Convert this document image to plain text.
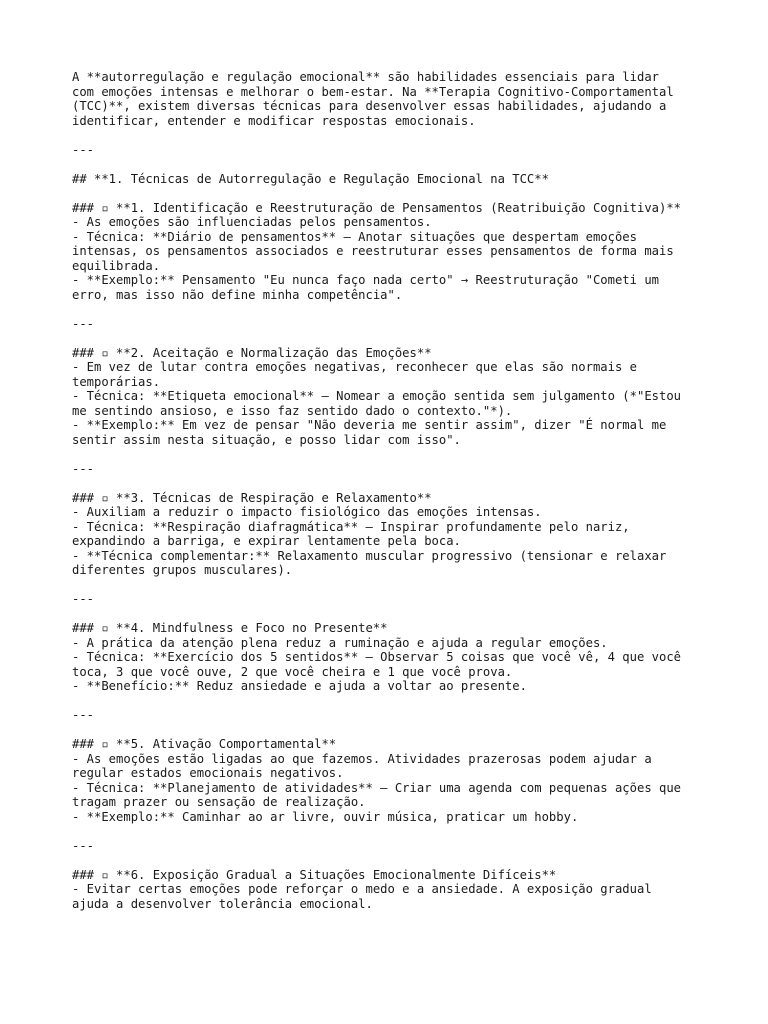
A **autorregulação e regulação emocional** são habilidades essenciais para lidar
com emoções intensas e melhorar o bem-estar. Na **Terapia Cognitivo-Comportamental
(TCC)**, existem diversas técnicas para desenvolver essas habilidades, ajudando a
identificar, entender e modificar respostas emocionais.
---
## **1. Técnicas de Autorregulação e Regulação Emocional na TCC**
### ▫ **1. Identificação e Reestruturação de Pensamentos (Reatribuição Cognitiva)**
- As emoções são influenciadas pelos pensamentos.
- Técnica: **Diário de pensamentos** – Anotar situações que despertam emoções
intensas, os pensamentos associados e reestruturar esses pensamentos de forma mais
equilibrada.
- **Exemplo:** Pensamento "Eu nunca faço nada certo" → Reestruturação "Cometi um
erro, mas isso não define minha competência".
---
### ▫ **2. Aceitação e Normalização das Emoções**
- Em vez de lutar contra emoções negativas, reconhecer que elas são normais e
temporárias.
- Técnica: **Etiqueta emocional** – Nomear a emoção sentida sem julgamento (*"Estou
me sentindo ansioso, e isso faz sentido dado o contexto."*).
- **Exemplo:** Em vez de pensar "Não deveria me sentir assim", dizer "É normal me
sentir assim nesta situação, e posso lidar com isso".
---
### ▫ **3. Técnicas de Respiração e Relaxamento**
- Auxiliam a reduzir o impacto fisiológico das emoções intensas.
- Técnica: **Respiração diafragmática** – Inspirar profundamente pelo nariz,
expandindo a barriga, e expirar lentamente pela boca.
- **Técnica complementar:** Relaxamento muscular progressivo (tensionar e relaxar
diferentes grupos musculares).
---
### ▫ **4. Mindfulness e Foco no Presente**
- A prática da atenção plena reduz a ruminação e ajuda a regular emoções.
- Técnica: **Exercício dos 5 sentidos** – Observar 5 coisas que você vê, 4 que você
toca, 3 que você ouve, 2 que você cheira e 1 que você prova.
- **Benefício:** Reduz ansiedade e ajuda a voltar ao presente.
---
### ▫ **5. Ativação Comportamental**
- As emoções estão ligadas ao que fazemos. Atividades prazerosas podem ajudar a
regular estados emocionais negativos.
- Técnica: **Planejamento de atividades** – Criar uma agenda com pequenas ações que
tragam prazer ou sensação de realização.
- **Exemplo:** Caminhar ao ar livre, ouvir música, praticar um hobby.
---
### ▫ **6. Exposição Gradual a Situações Emocionalmente Difíceis**
- Evitar certas emoções pode reforçar o medo e a ansiedade. A exposição gradual
ajuda a desenvolver tolerância emocional.
